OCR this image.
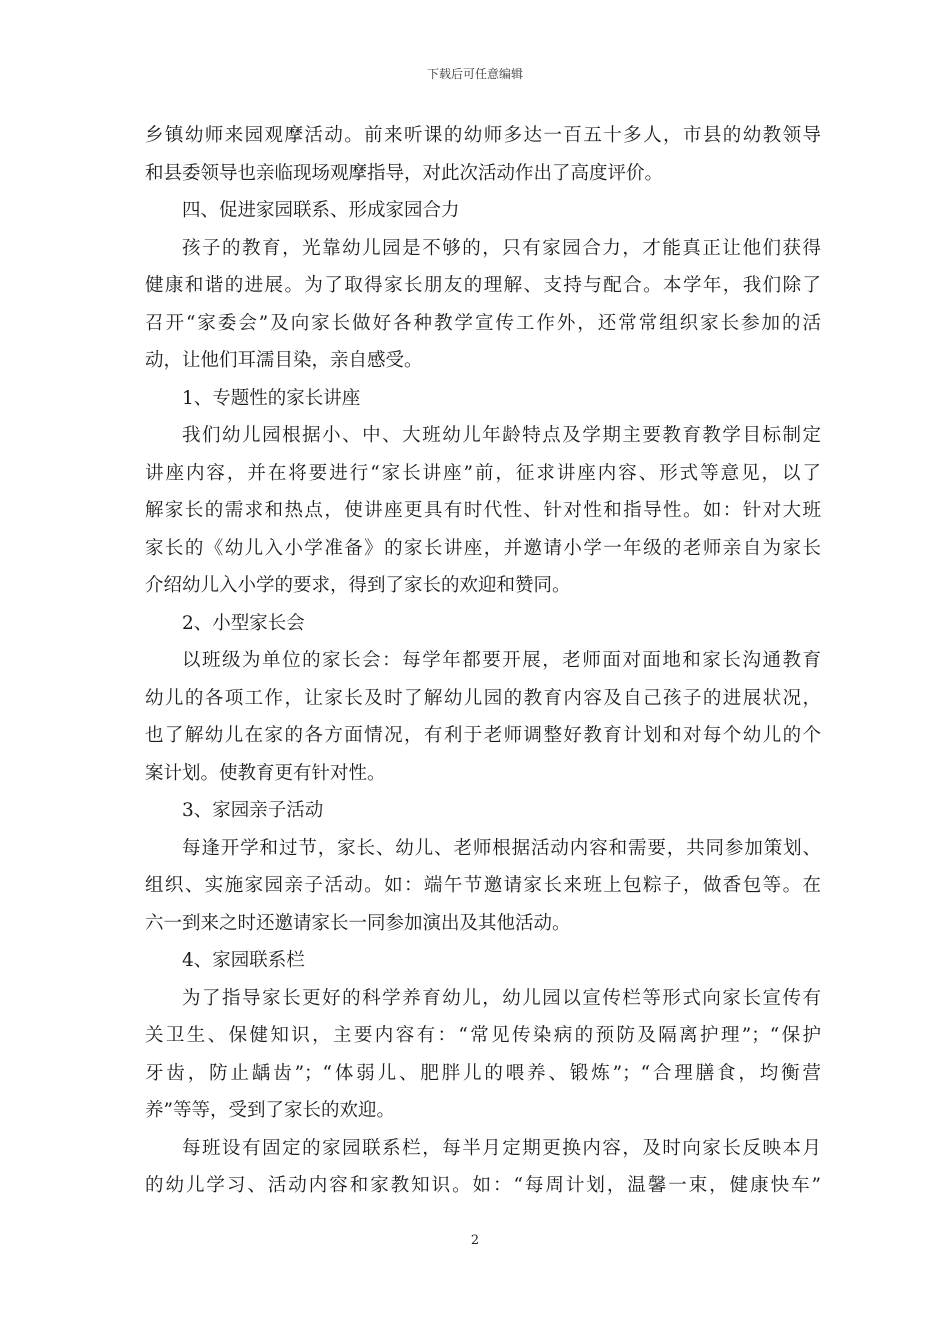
下载后可任意编辑
乡镇幼师来园观摩活动。前来听课的幼师多达一百五十多人，市县的幼教领导
和县委领导也亲临现场观摩指导，对此次活动作出了高度评价。
四、促进家园联系、形成家园合力
孩子的教育，光靠幼儿园是不够的，只有家园合力，才能真正让他们获得
健康和谐的进展。为了取得家长朋友的理解、支持与配合。本学年，我们除了
召开“家委会”及向家长做好各种教学宣传工作外，还常常组织家长参加的活
动，让他们耳濡目染，亲自感受。
1、专题性的家长讲座
我们幼儿园根据小、中、大班幼儿年龄特点及学期主要教育教学目标制定
讲座内容，并在将要进行“家长讲座”前，征求讲座内容、形式等意见，以了
解家长的需求和热点，使讲座更具有时代性、针对性和指导性。如：针对大班
家长的《幼儿入小学准备》的家长讲座，并邀请小学一年级的老师亲自为家长
介绍幼儿入小学的要求，得到了家长的欢迎和赞同。
2、小型家长会
以班级为单位的家长会：每学年都要开展，老师面对面地和家长沟通教育
幼儿的各项工作，让家长及时了解幼儿园的教育内容及自己孩子的进展状况，
也了解幼儿在家的各方面情况，有利于老师调整好教育计划和对每个幼儿的个
案计划。使教育更有针对性。
3、家园亲子活动
每逢开学和过节，家长、幼儿、老师根据活动内容和需要，共同参加策划、
组织、实施家园亲子活动。如：端午节邀请家长来班上包粽子，做香包等。在
六一到来之时还邀请家长一同参加演出及其他活动。
4、家园联系栏
为了指导家长更好的科学养育幼儿，幼儿园以宣传栏等形式向家长宣传有
关卫生、保健知识，主要内容有：“常见传染病的预防及隔离护理”；“保护
牙齿，防止龋齿”；“体弱儿、肥胖儿的喂养、锻炼”；“合理膳食，均衡营
养”等等，受到了家长的欢迎。
每班设有固定的家园联系栏，每半月定期更换内容，及时向家长反映本月
的幼儿学习、活动内容和家教知识。如：“每周计划，温馨一束，健康快车”
2
